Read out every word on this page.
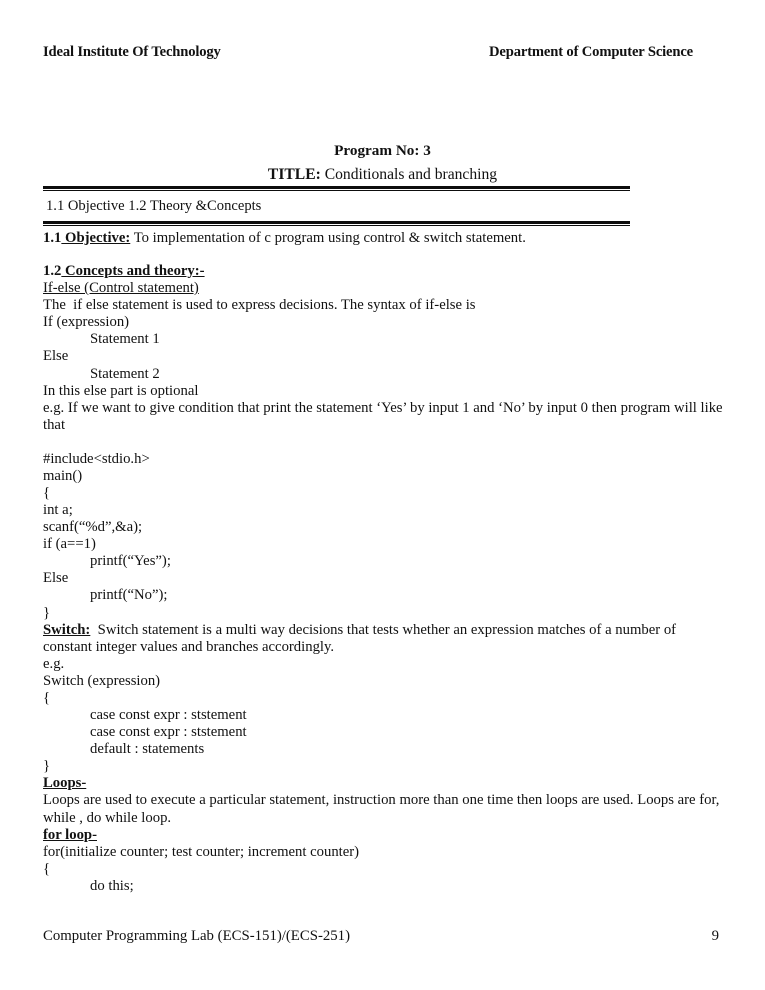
Ideal Institute Of Technology	Department of Computer Science
Program No: 3
TITLE: Conditionals and branching
1.1 Objective 1.2 Theory &Concepts
1.1 Objective: To implementation of c program using control & switch statement.
1.2 Concepts and theory:-
If-else (Control statement)
The  if else statement is used to express decisions. The syntax of if-else is
If (expression)
Statement 1
Else
Statement 2
In this else part is optional
e.g. If we want to give condition that print the statement ‘Yes’ by input 1 and ‘No’ by input 0 then program will like that
#include<stdio.h>
main()
{
int a;
scanf(“%d”,&a);
if (a==1)
printf(“Yes”);
Else
printf(“No”);
}
Switch:  Switch statement is a multi way decisions that tests whether an expression matches of a number of constant integer values and branches accordingly.
e.g.
Switch (expression)
{
case const expr : ststement
case const expr : ststement
default : statements
}
Loops-
Loops are used to execute a particular statement, instruction more than one time then loops are used. Loops are for, while , do while loop.
for loop-
for(initialize counter; test counter; increment counter)
{
do this;
Computer Programming Lab (ECS-151)/(ECS-251)	9
